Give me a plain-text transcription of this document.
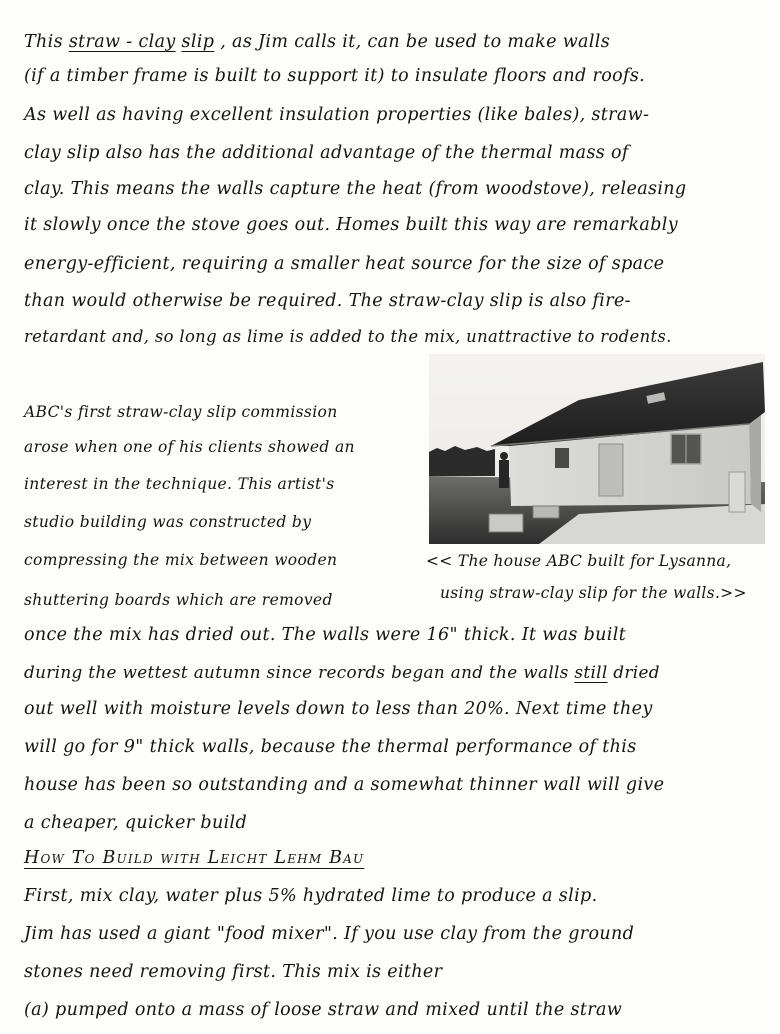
This straw - clay slip , as Jim calls it, can be used to make walls
(if a timber frame is built to support it) to insulate floors and roofs.
As well as having excellent insulation properties (like bales), straw-
clay slip also has the additional advantage of the thermal mass of
clay. This means the walls capture the heat (from woodstove), releasing
it slowly once the stove goes out. Homes built this way are remarkably
energy-efficient, requiring a smaller heat source for the size of space
than would otherwise be required. The straw-clay slip is also fire-
retardant and, so long as lime is added to the mix, unattractive to rodents.
ABC's first straw-clay slip commission
arose when one of his clients showed an
interest in the technique. This artist's
studio building was constructed by
compressing the mix between wooden
shuttering boards which are removed
<< The house ABC built for Lysanna,
using straw-clay slip for the walls.>>
once the mix has dried out. The walls were 16" thick. It was built
during the wettest autumn since records began and the walls still dried
out well with moisture levels down to less than 20%. Next time they
will go for 9" thick walls, because the thermal performance of this
house has been so outstanding and a somewhat thinner wall will give
a cheaper, quicker build
How To Build with Leicht Lehm Bau
First, mix clay, water plus 5% hydrated lime to produce a slip.
Jim has used a giant "food mixer". If you use clay from the ground
stones need removing first. This mix is either
(a) pumped onto a mass of loose straw and mixed until the straw
